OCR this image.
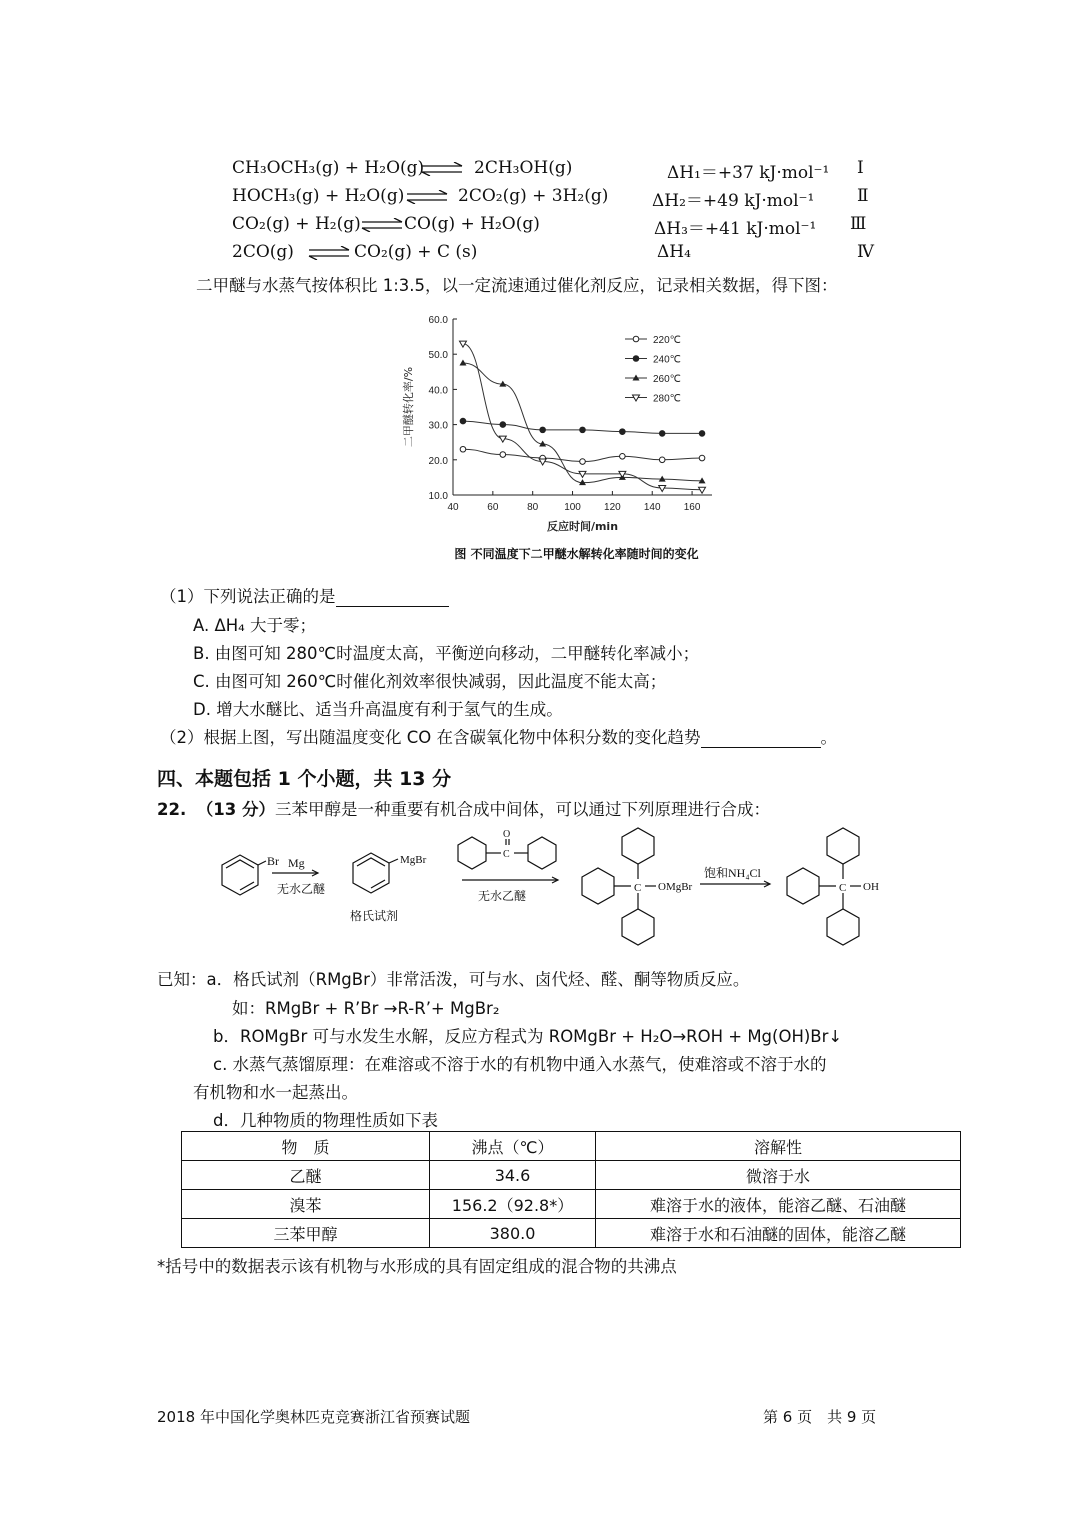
CH₃OCH₃(g) + H₂O(g) ⇌ 2CH₃OH(g)	ΔH₁＝+37 kJ·mol⁻¹ Ⅰ
HOCH₃(g) + H₂O(g) ⇌ 2CO₂(g) + 3H₂(g)	ΔH₂＝+49 kJ·mol⁻¹	Ⅱ
CO₂(g) + H₂(g) ⇌ CO(g) + H₂O(g)	ΔH₃＝+41 kJ·mol⁻¹ Ⅲ
2CO(g) ⇌ CO₂(g) + C (s)	ΔH₄	Ⅳ
二甲醚与水蒸气按体积比 1:3.5，以一定流速通过催化剂反应，记录相关数据，得下图：
10.0
20.0
30.0
40.0
50.0
60.0
40	60	80	100 120 140 160
二甲醚转化率/%
反应时间/min
图 不同温度下二甲醚水解转化率随时间的变化
220℃
240℃
260℃
280℃
（1）下列说法正确的是
A. ΔH₄ 大于零；
B. 由图可知 280℃时温度太高，平衡逆向移动，二甲醚转化率减小；
C. 由图可知 260℃时催化剂效率很快减弱，因此温度不能太高；
D. 增大水醚比、适当升高温度有利于氢气的生成。
（2）根据上图，写出随温度变化 CO 在含碳氧化物中体积分数的变化趋势	。
四、本题包括 1 个小题，共 13 分
22. （13 分）三苯甲醇是一种重要有机合成中间体，可以通过下列原理进行合成：
Br Mg
无水乙醚
MgBr
格氏试剂
O
C
无水乙醚
C OMgBr
饱和NH₄Cl
C OH
已知：a．格氏试剂（RMgBr）非常活泼，可与水、卤代烃、醛、酮等物质反应。
如：RMgBr + R’Br →R-R’+ MgBr₂
b．ROMgBr 可与水发生水解，反应方程式为 ROMgBr + H₂O→ROH + Mg(OH)Br↓
c. 水蒸气蒸馏原理：在难溶或不溶于水的有机物中通入水蒸气，使难溶或不溶于水的
有机物和水一起蒸出。
d．几种物质的物理性质如下表
物　质	沸点（℃）	溶解性
乙醚	34.6	微溶于水
溴苯	156.2（92.8*）	难溶于水的液体，能溶乙醚、石油醚
三苯甲醇	380.0	难溶于水和石油醚的固体，能溶乙醚
*括号中的数据表示该有机物与水形成的具有固定组成的混合物的共沸点
2018 年中国化学奥林匹克竞赛浙江省预赛试题	第 6 页　共 9 页
